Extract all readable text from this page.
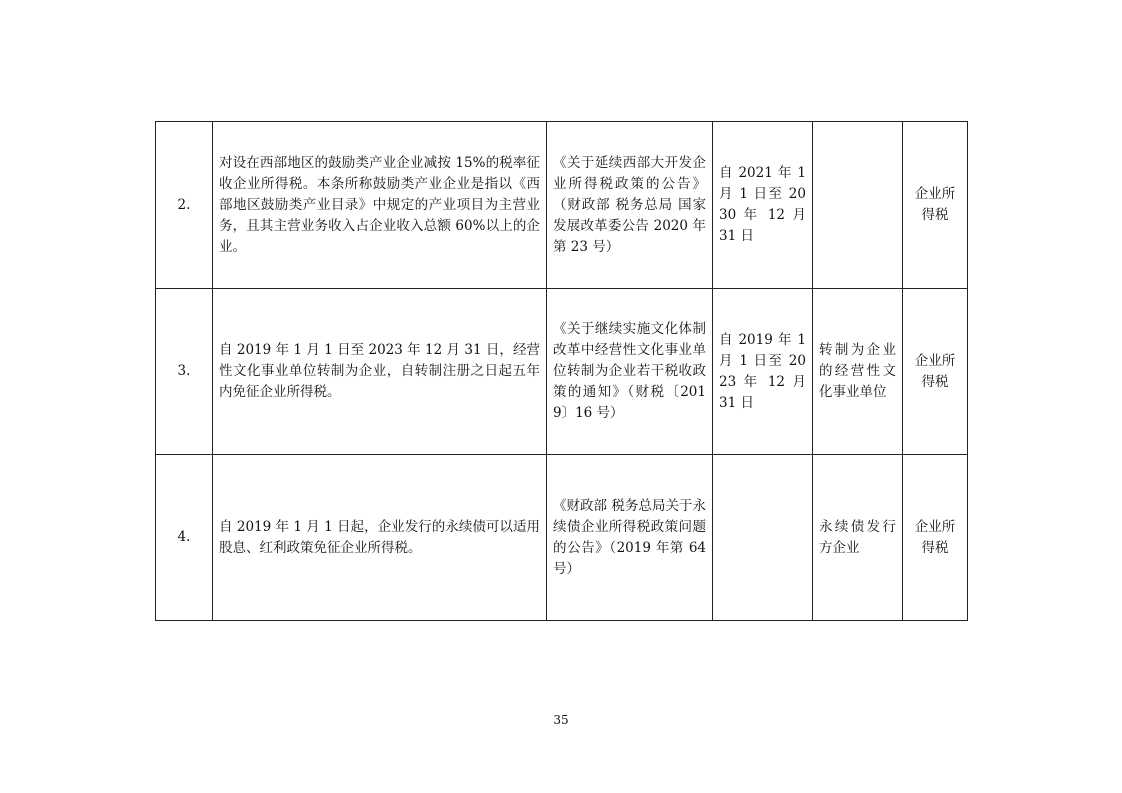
2.	对设在西部地区的鼓励类产业企业减按 15%的税率征收企业所得税。本条所称鼓励类产业企业是指以《西部地区鼓励类产业目录》中规定的产业项目为主营业务，且其主营业务收入占企业收入总额 60%以上的企业。	《关于延续西部大开发企业所得税政策的公告》（财政部 税务总局 国家发展改革委公告 2020 年第 23 号）	自 2021 年 1 月 1 日至 2030 年 12 月 31 日		企业所得税
3.	自 2019 年 1 月 1 日至 2023 年 12 月 31 日，经营性文化事业单位转制为企业，自转制注册之日起五年内免征企业所得税。	《关于继续实施文化体制改革中经营性文化事业单位转制为企业若干税收政策的通知》（财税〔2019〕16 号）	自 2019 年 1 月 1 日至 2023 年 12 月 31 日	转制为企业的经营性文化事业单位	企业所得税
4.	自 2019 年 1 月 1 日起，企业发行的永续债可以适用股息、红利政策免征企业所得税。	《财政部 税务总局关于永续债企业所得税政策问题的公告》（2019 年第 64 号）		永续债发行方企业	企业所得税
35
